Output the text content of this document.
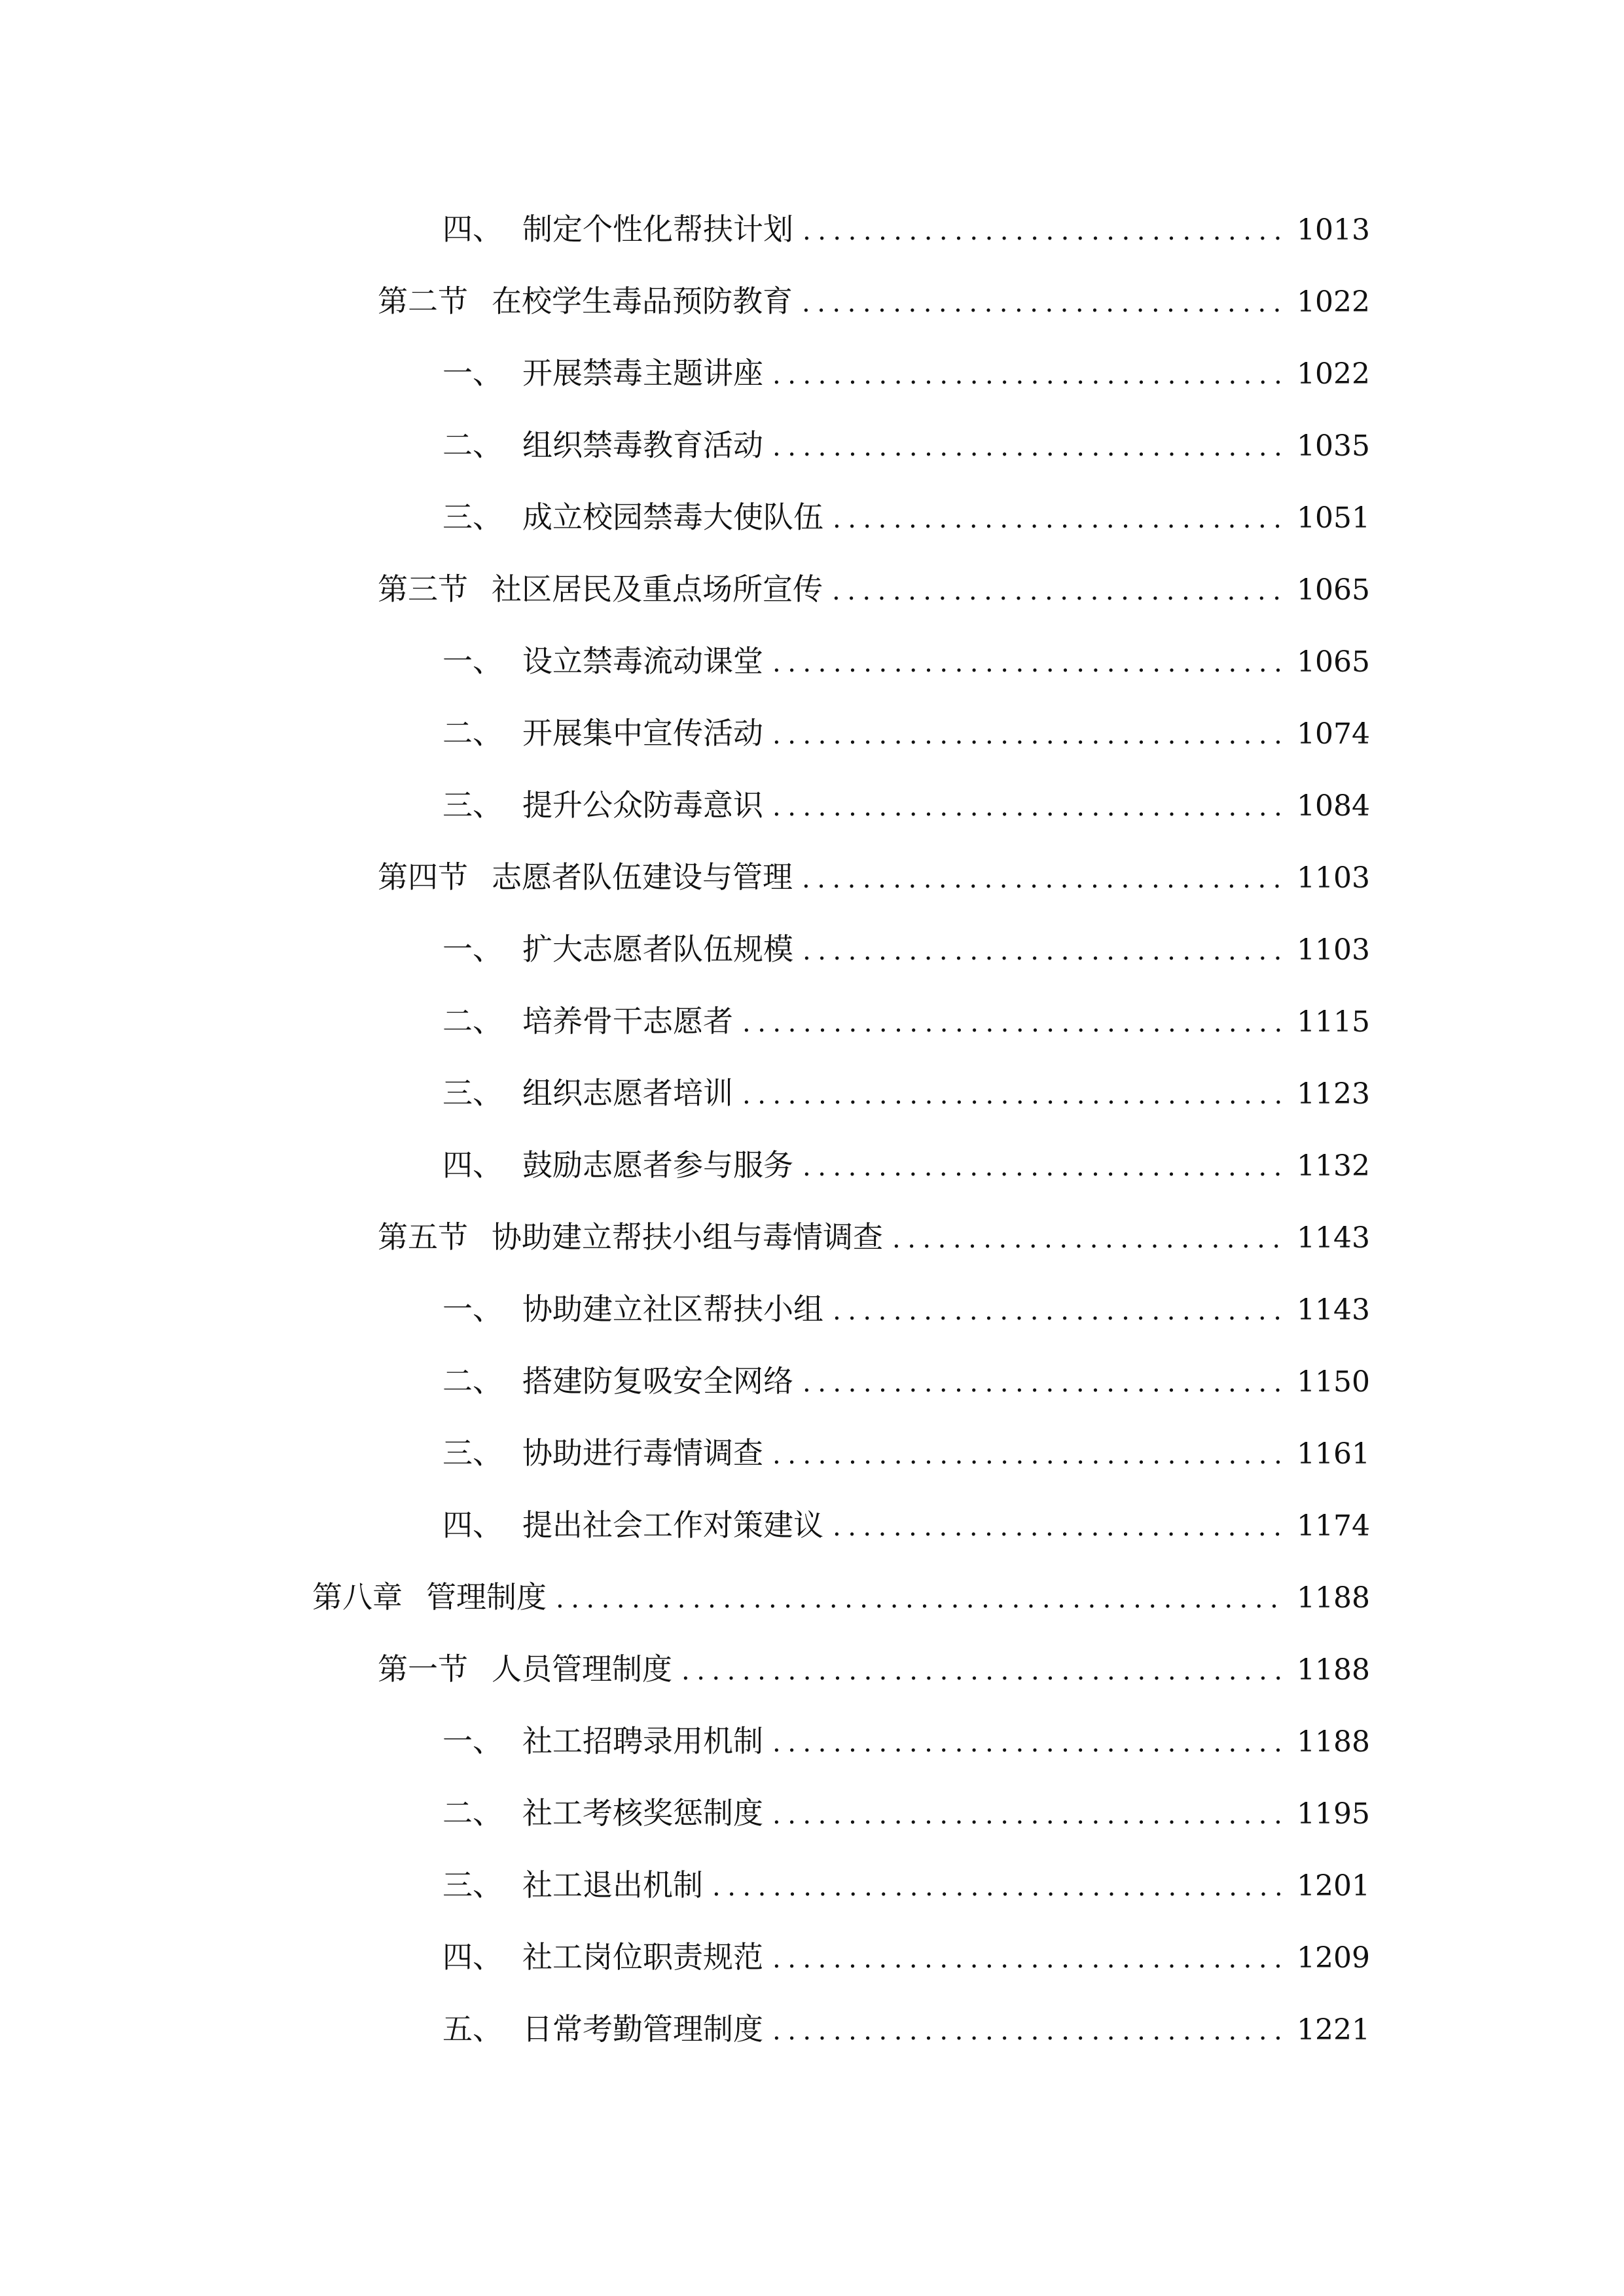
四、 制定个性化帮扶计划 .....	1013
第二节 在校学生毒品预防教育 .....	1022
一、 开展禁毒主题讲座 .....	1022
二、 组织禁毒教育活动 .....	1035
三、 成立校园禁毒大使队伍 .....	1051
第三节 社区居民及重点场所宣传 .....	1065
一、 设立禁毒流动课堂 .....	1065
二、 开展集中宣传活动 .....	1074
三、 提升公众防毒意识 .....	1084
第四节 志愿者队伍建设与管理 .....	1103
一、 扩大志愿者队伍规模 .....	1103
二、 培养骨干志愿者 .....	1115
三、 组织志愿者培训 .....	1123
四、 鼓励志愿者参与服务 .....	1132
第五节 协助建立帮扶小组与毒情调查 .....	1143
一、 协助建立社区帮扶小组 .....	1143
二、 搭建防复吸安全网络 .....	1150
三、 协助进行毒情调查 .....	1161
四、 提出社会工作对策建议 .....	1174
第八章 管理制度 .....	1188
第一节 人员管理制度 .....	1188
一、 社工招聘录用机制 .....	1188
二、 社工考核奖惩制度 .....	1195
三、 社工退出机制 .....	1201
四、 社工岗位职责规范 .....	1209
五、 日常考勤管理制度 .....	1221
